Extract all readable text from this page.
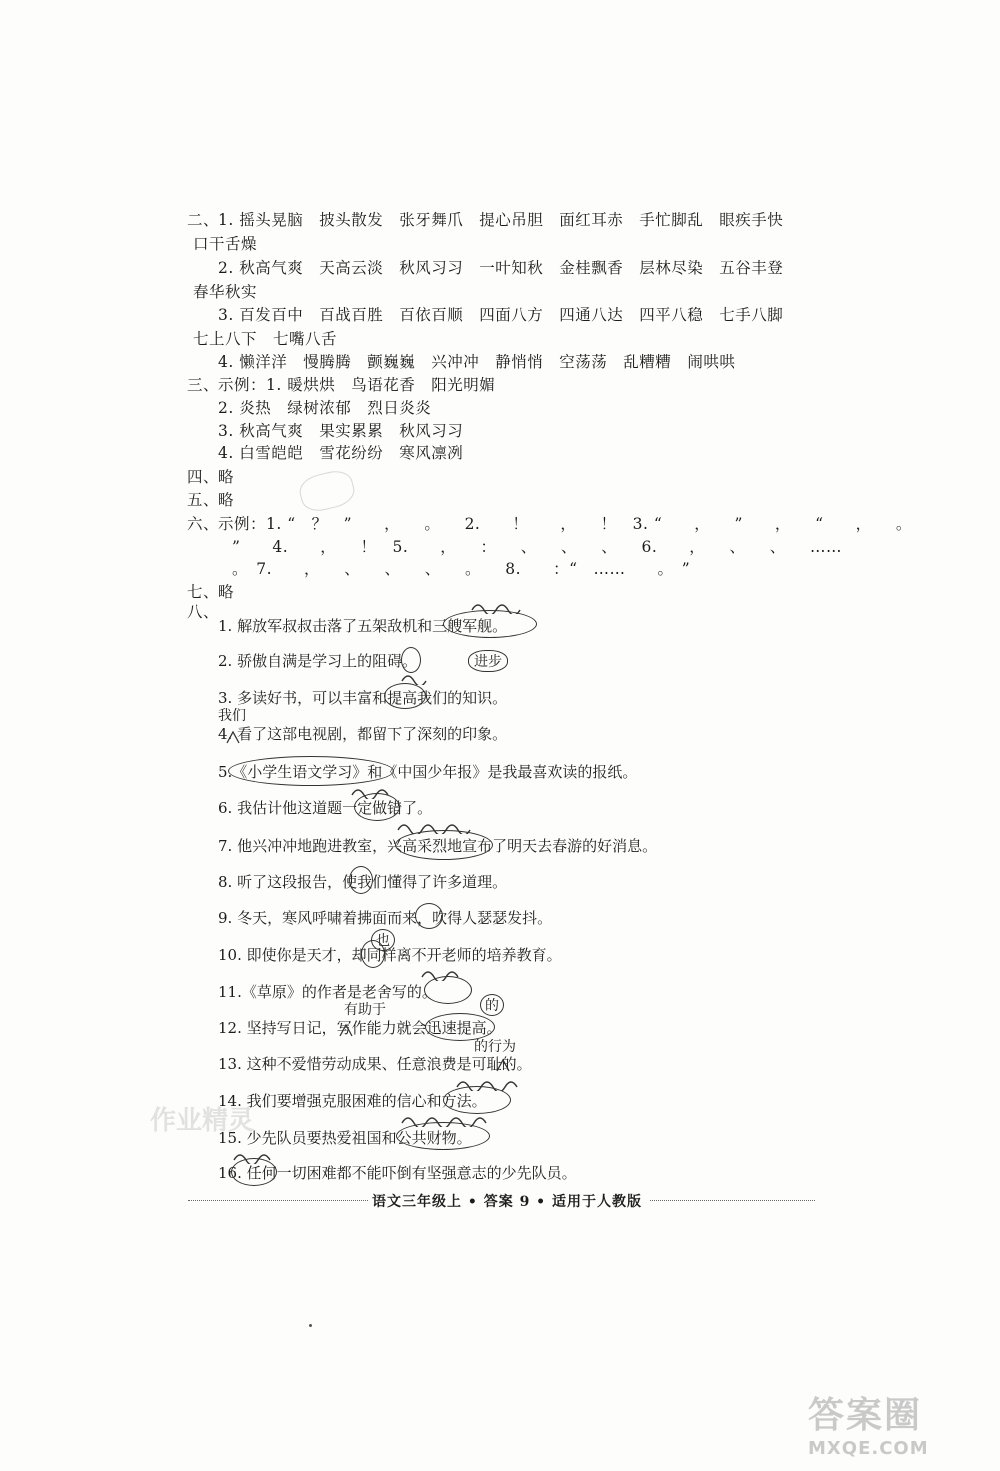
二、
1. 摇头晃脑 披头散发 张牙舞爪 提心吊胆 面红耳赤 手忙脚乱 眼疾手快
口干舌燥
2. 秋高气爽 天高云淡 秋风习习 一叶知秋 金桂飘香 层林尽染 五谷丰登
春华秋实
3. 百发百中 百战百胜 百依百顺 四面八方 四通八达 四平八稳 七手八脚
七上八下 七嘴八舌
4. 懒洋洋 慢腾腾 颤巍巍 兴冲冲 静悄悄 空荡荡 乱糟糟 闹哄哄
三、
示例：1. 暖烘烘 鸟语花香 阳光明媚
2. 炎热 绿树浓郁 烈日炎炎
3. 秋高气爽 果实累累 秋风习习
4. 白雪皑皑 雪花纷纷 寒风凛冽
四、
略
五、
略
六、
示例：1. “　？　”　　，　　。　　2.　　！　　，　　！　3. “　　，　　”　　，　　“　　，　　。
”　　4.　　，　　！　5.　　，　　：　　、　　、　　、　　6.　　，　　、　　、　　……
。　7.　　，　　、　　、　　、　　。　　8.　　：“　……　　。　”
七、
略
八、
1. 解放军叔叔击落了五架敌机和三艘军舰。
2. 骄傲自满是学习上的阻碍。
3. 多读好书，可以丰富和提高我们的知识。
4. 看了这部电视剧，都留下了深刻的印象。
5.《小学生语文学习》和《中国少年报》是我最喜欢读的报纸。
6. 我估计他这道题一定做错了。
7. 他兴冲冲地跑进教室，兴高采烈地宣布了明天去春游的好消息。
8. 听了这段报告，使我们懂得了许多道理。
9. 冬天，寒风呼啸着拂面而来，吹得人瑟瑟发抖。
10. 即使你是天才，却同样离不开老师的培养教育。
11.《草原》的作者是老舍写的。
12. 坚持写日记，写作能力就会迅速提高。
13. 这种不爱惜劳动成果、任意浪费是可耻的。
14. 我们要增强克服困难的信心和方法。
15. 少先队员要热爱祖国和公共财物。
16. 任何一切困难都不能吓倒有坚强意志的少先队员。
进步
我们
也
有助于	的
的行为
作业精灵
语文三年级上 • 答案 9 • 适用于人教版
答案圈
MXQE.COM
